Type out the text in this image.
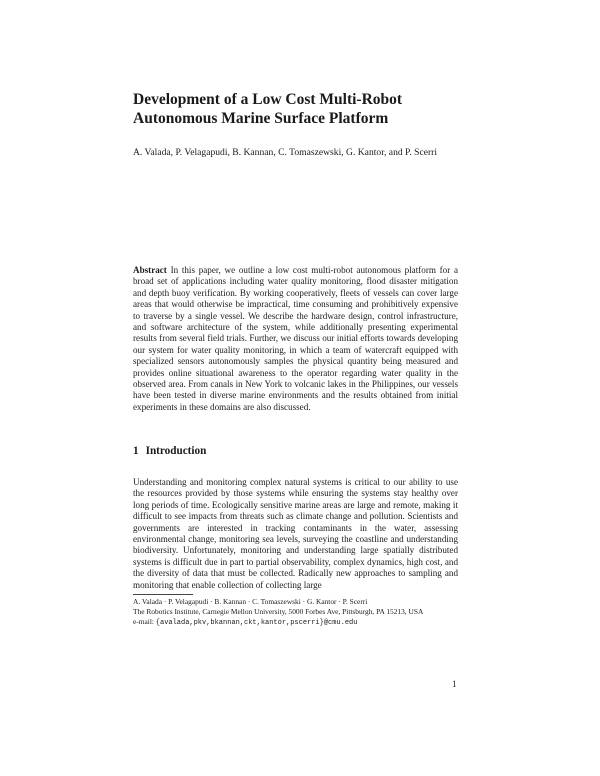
Development of a Low Cost Multi-Robot
Autonomous Marine Surface Platform

A. Valada, P. Velagapudi, B. Kannan, C. Tomaszewski, G. Kantor, and P. Scerri

Abstract In this paper, we outline a low cost multi-robot autonomous platform for a broad set of applications including water quality monitoring, flood disaster mitigation and depth buoy verification. By working cooperatively, fleets of vessels can cover large areas that would otherwise be impractical, time consuming and prohibitively expensive to traverse by a single vessel. We describe the hardware design, control infrastructure, and software architecture of the system, while additionally presenting experimental results from several field trials. Further, we discuss our initial efforts towards developing our system for water quality monitoring, in which a team of watercraft equipped with specialized sensors autonomously samples the physical quantity being measured and provides online situational awareness to the operator regarding water quality in the observed area. From canals in New York to volcanic lakes in the Philippines, our vessels have been tested in diverse marine environments and the results obtained from initial experiments in these domains are also discussed.

1 Introduction

Understanding and monitoring complex natural systems is critical to our ability to use the resources provided by those systems while ensuring the systems stay healthy over long periods of time. Ecologically sensitive marine areas are large and remote, making it difficult to see impacts from threats such as climate change and pollution. Scientists and governments are interested in tracking contaminants in the water, assessing environmental change, monitoring sea levels, surveying the coastline and understanding biodiversity. Unfortunately, monitoring and understanding large spatially distributed systems is difficult due in part to partial observability, complex dynamics, high cost, and the diversity of data that must be collected. Radically new approaches to sampling and monitoring that enable collection of collecting large

A. Valada · P. Velagapudi · B. Kannan · C. Tomaszewski · G. Kantor · P. Scerri
The Robotics Institute, Carnegie Mellon University, 5000 Forbes Ave, Pittsburgh, PA 15213, USA
e-mail: {avalada,pkv,bkannan,ckt,kantor,pscerri}@cmu.edu

1
